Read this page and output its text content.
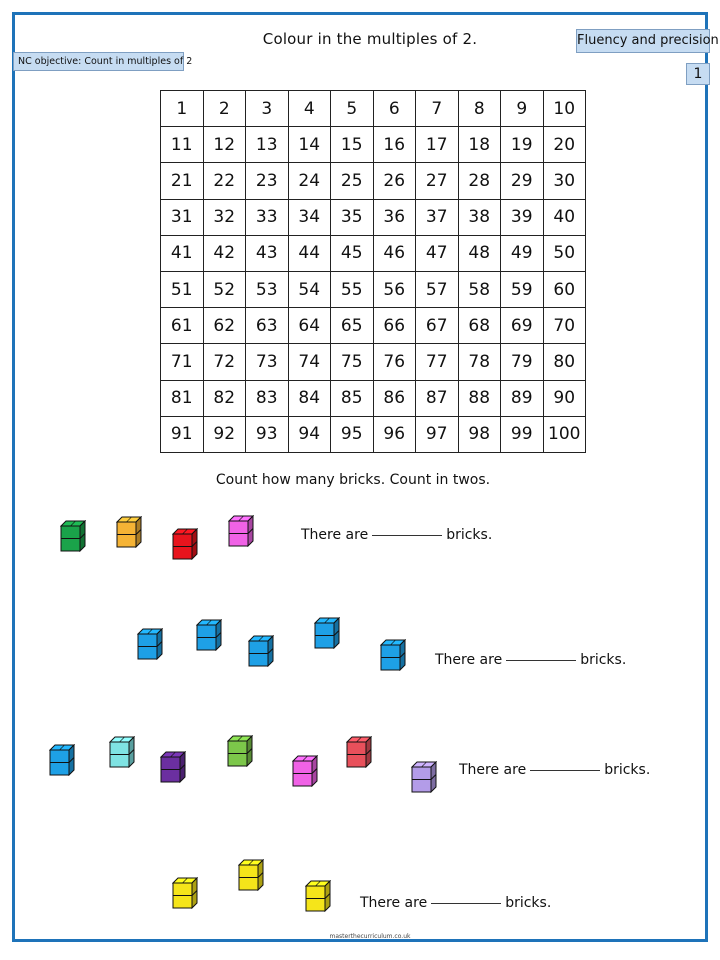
Colour in the multiples of 2.
NC objective: Count in multiples of 2
Fluency and precision
1
1	2	3	4	5	6	7	8	9	10
11	12	13	14	15	16	17	18	19	20
21	22	23	24	25	26	27	28	29	30
31	32	33	34	35	36	37	38	39	40
41	42	43	44	45	46	47	48	49	50
51	52	53	54	55	56	57	58	59	60
61	62	63	64	65	66	67	68	69	70
71	72	73	74	75	76	77	78	79	80
81	82	83	84	85	86	87	88	89	90
91	92	93	94	95	96	97	98	99	100
Count how many bricks. Count in twos.
There are	bricks.
There are	bricks.
There are	bricks.
There are	bricks.
masterthecurriculum.co.uk
